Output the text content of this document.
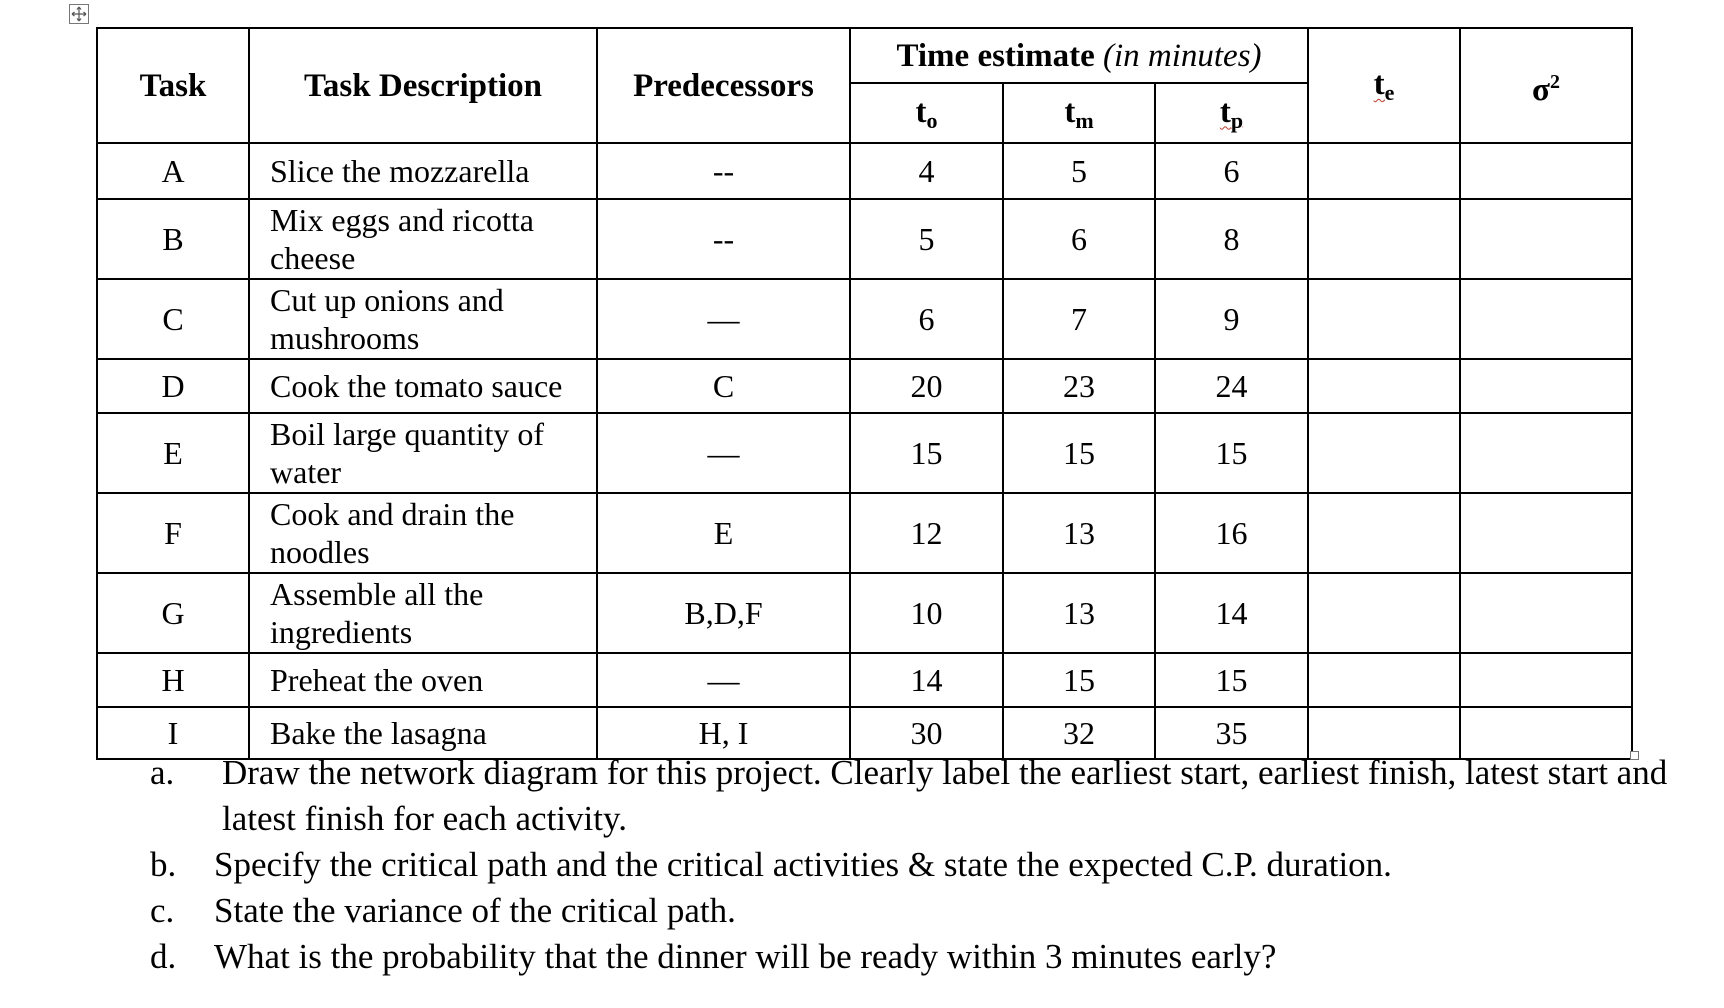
Task	Task Description	Predecessors	Time estimate (in minutes)			te	$\sigma^2$
			to	tm	tp		
A	Slice the mozzarella	--	4	5	6		
B	Mix eggs and ricotta cheese	--	5	6	8		
C	Cut up onions and mushrooms	—	6	7	9		
D	Cook the tomato sauce	C	20	23	24		
E	Boil large quantity of water	—	15	15	15		
F	Cook and drain the noodles	E	12	13	16		
G	Assemble all the ingredients	B,D,F	10	13	14		
H	Preheat the oven	—	14	15	15		
I	Bake the lasagna	H, I	30	32	35		
a.	Draw the network diagram for this project. Clearly label the earliest start, earliest finish, latest start and latest finish for each activity.
b.	Specify the critical path and the critical activities & state the expected C.P. duration.
c.	State the variance of the critical path.
d.	What is the probability that the dinner will be ready within 3 minutes early?
